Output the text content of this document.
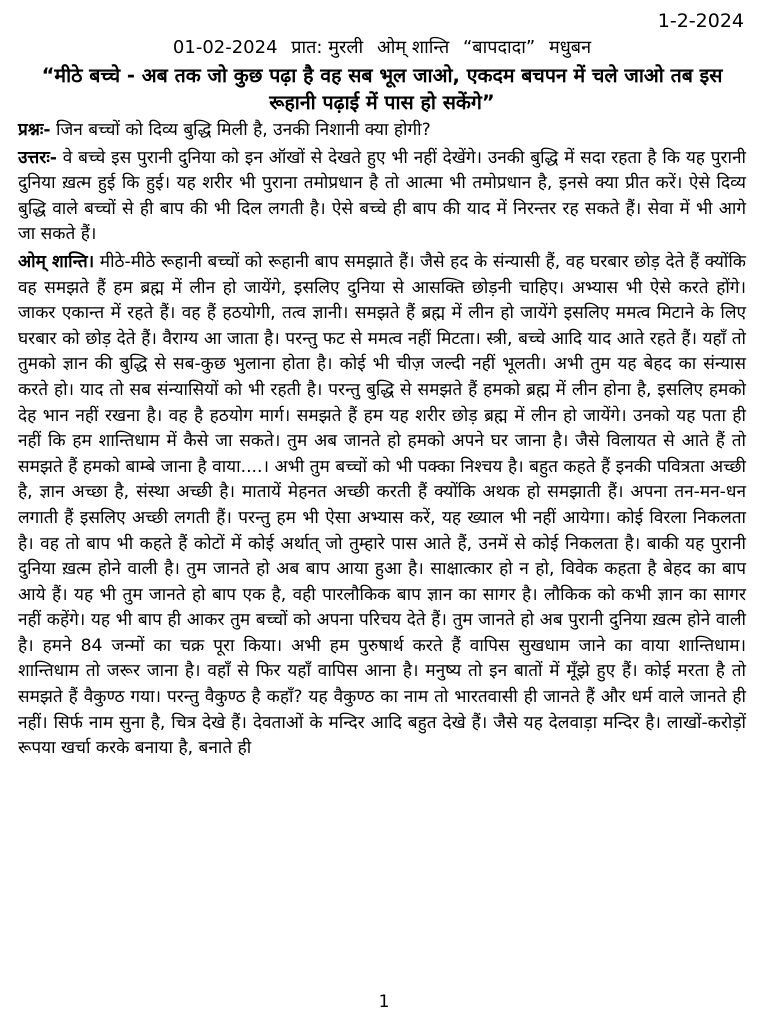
1-2-2024
01-02-2024 प्रात: मुरली ओम् शान्ति “बापदादा” मधुबन
“मीठे बच्चे - अब तक जो कुछ पढ़ा है वह सब भूल जाओ, एकदम बचपन में चले जाओ तब इस रूहानी पढ़ाई में पास हो सकेंगे”
प्रश्नः- जिन बच्चों को दिव्य बुद्धि मिली है, उनकी निशानी क्या होगी?
उत्तरः- वे बच्चे इस पुरानी दुनिया को इन ऑखों से देखते हुए भी नहीं देखेंगे। उनकी बुद्धि में सदा रहता है कि यह पुरानी दुनिया ख़त्म हुई कि हुई। यह शरीर भी पुराना तमोप्रधान है तो आत्मा भी तमोप्रधान है, इनसे क्या प्रीत करें। ऐसे दिव्य बुद्धि वाले बच्चों से ही बाप की भी दिल लगती है। ऐसे बच्चे ही बाप की याद में निरन्तर रह सकते हैं। सेवा में भी आगे जा सकते हैं।
ओम् शान्ति। मीठे-मीठे रूहानी बच्चों को रूहानी बाप समझाते हैं। जैसे हद के संन्यासी हैं, वह घरबार छोड़ देते हैं क्योंकि वह समझते हैं हम ब्रह्म में लीन हो जायेंगे, इसलिए दुनिया से आसक्ति छोड़नी चाहिए। अभ्यास भी ऐसे करते होंगे। जाकर एकान्त में रहते हैं। वह हैं हठयोगी, तत्व ज्ञानी। समझते हैं ब्रह्म में लीन हो जायेंगे इसलिए ममत्व मिटाने के लिए घरबार को छोड़ देते हैं। वैराग्य आ जाता है। परन्तु फट से ममत्व नहीं मिटता। स्त्री, बच्चे आदि याद आते रहते हैं। यहाँ तो तुमको ज्ञान की बुद्धि से सब-कुछ भुलाना होता है। कोई भी चीज़ जल्दी नहीं भूलती। अभी तुम यह बेहद का संन्यास करते हो। याद तो सब संन्यासियों को भी रहती है। परन्तु बुद्धि से समझते हैं हमको ब्रह्म में लीन होना है, इसलिए हमको देह भान नहीं रखना है। वह है हठयोग मार्ग। समझते हैं हम यह शरीर छोड़ ब्रह्म में लीन हो जायेंगे। उनको यह पता ही नहीं कि हम शान्तिधाम में कैसे जा सकते। तुम अब जानते हो हमको अपने घर जाना है। जैसे विलायत से आते हैं तो समझते हैं हमको बाम्बे जाना है वाया....। अभी तुम बच्चों को भी पक्का निश्चय है। बहुत कहते हैं इनकी पवित्रता अच्छी है, ज्ञान अच्छा है, संस्था अच्छी है। मातायें मेहनत अच्छी करती हैं क्योंकि अथक हो समझाती हैं। अपना तन-मन-धन लगाती हैं इसलिए अच्छी लगती हैं। परन्तु हम भी ऐसा अभ्यास करें, यह ख्याल भी नहीं आयेगा। कोई विरला निकलता है। वह तो बाप भी कहते हैं कोटों में कोई अर्थात् जो तुम्हारे पास आते हैं, उनमें से कोई निकलता है। बाकी यह पुरानी दुनिया ख़त्म होने वाली है। तुम जानते हो अब बाप आया हुआ है। साक्षात्कार हो न हो, विवेक कहता है बेहद का बाप आये हैं। यह भी तुम जानते हो बाप एक है, वही पारलौकिक बाप ज्ञान का सागर है। लौकिक को कभी ज्ञान का सागर नहीं कहेंगे। यह भी बाप ही आकर तुम बच्चों को अपना परिचय देते हैं। तुम जानते हो अब पुरानी दुनिया ख़त्म होने वाली है। हमने 84 जन्मों का चक्र पूरा किया। अभी हम पुरुषार्थ करते हैं वापिस सुखधाम जाने का वाया शान्तिधाम। शान्तिधाम तो जरूर जाना है। वहाँ से फिर यहाँ वापिस आना है। मनुष्य तो इन बातों में मूँझे हुए हैं। कोई मरता है तो समझते हैं वैकुण्ठ गया। परन्तु वैकुण्ठ है कहाँ? यह वैकुण्ठ का नाम तो भारतवासी ही जानते हैं और धर्म वाले जानते ही नहीं। सिर्फ नाम सुना है, चित्र देखे हैं। देवताओं के मन्दिर आदि बहुत देखे हैं। जैसे यह देलवाड़ा मन्दिर है। लाखों-करोड़ों रूपया खर्चा करके बनाया है, बनाते ही
1
